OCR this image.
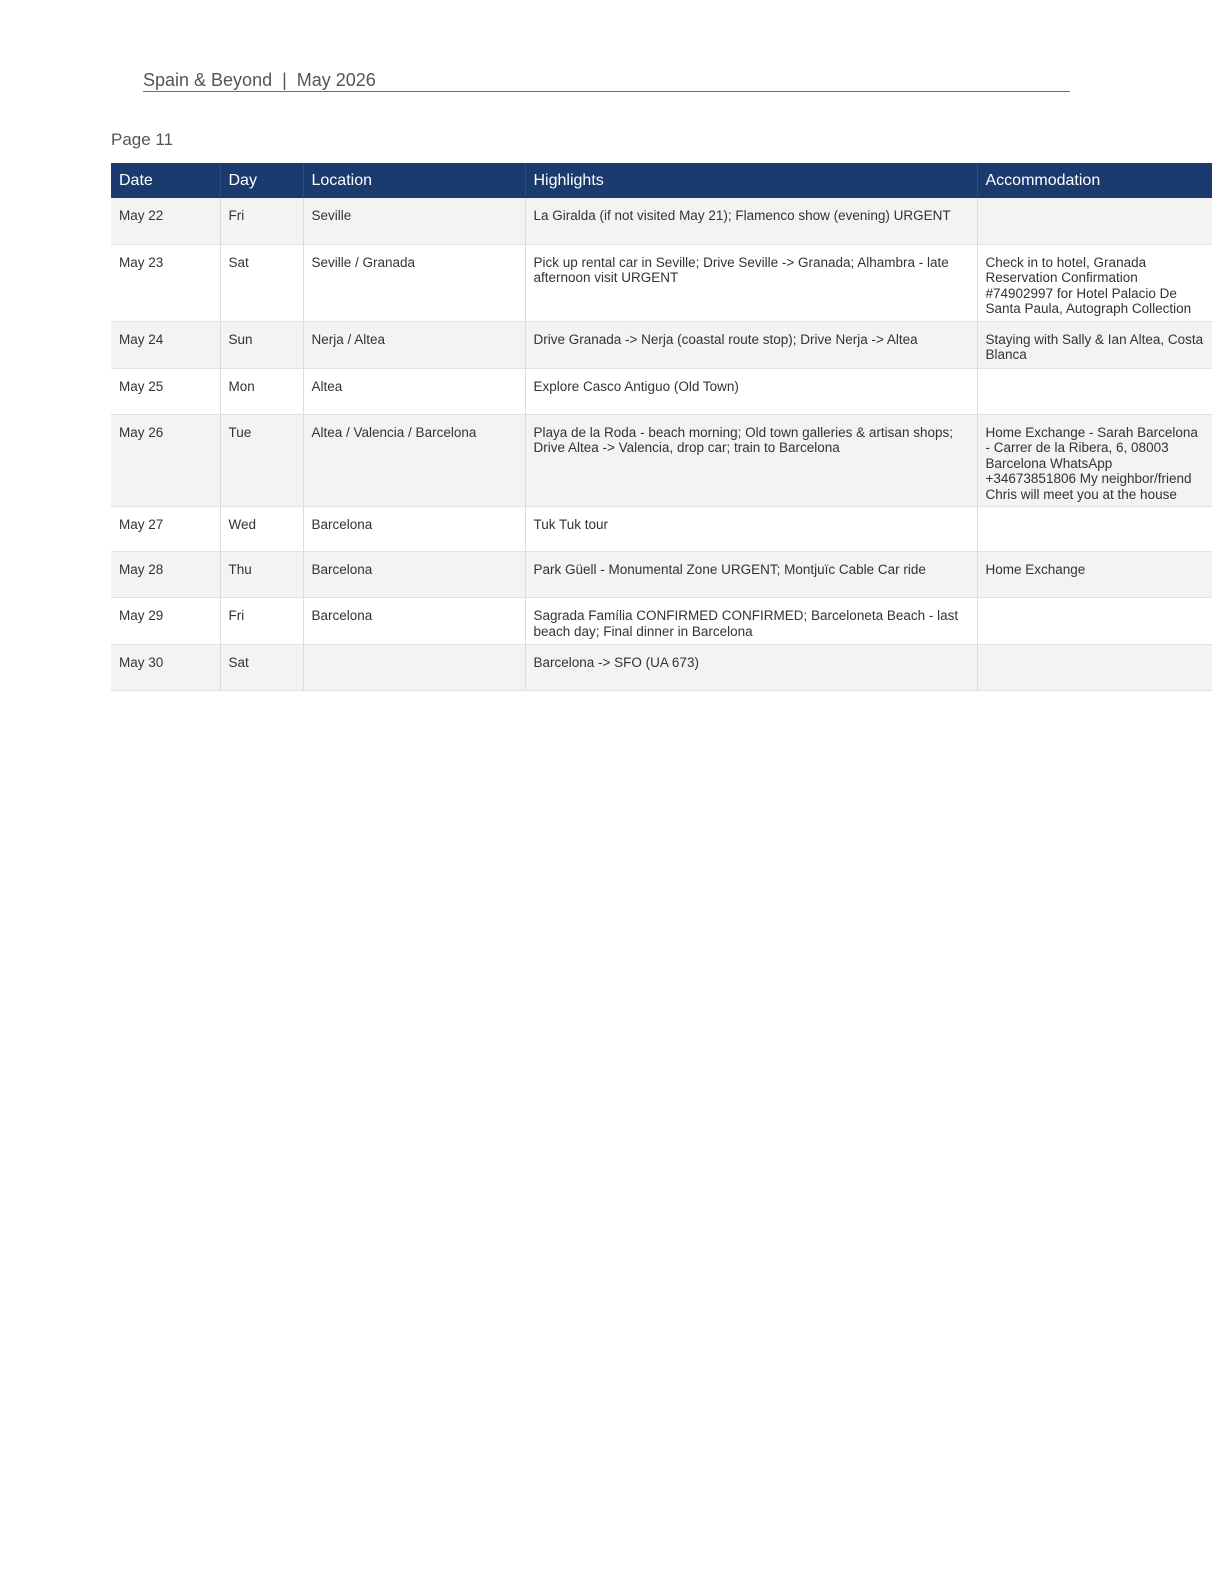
Spain & Beyond  |  May 2026
Page 11
Date	Day	Location	Highlights	Accommodation
May 22	Fri	Seville	La Giralda (if not visited May 21); Flamenco show (evening) URGENT	
May 23	Sat	Seville / Granada	Pick up rental car in Seville; Drive Seville -> Granada; Alhambra - late afternoon visit URGENT	Check in to hotel, Granada Reservation Confirmation #74902997 for Hotel Palacio De Santa Paula, Autograph Collection
May 24	Sun	Nerja / Altea	Drive Granada -> Nerja (coastal route stop); Drive Nerja -> Altea	Staying with Sally & Ian Altea, Costa Blanca
May 25	Mon	Altea	Explore Casco Antiguo (Old Town)	
May 26	Tue	Altea / Valencia / Barcelona	Playa de la Roda - beach morning; Old town galleries & artisan shops; Drive Altea -> Valencia, drop car; train to Barcelona	Home Exchange - Sarah Barcelona - Carrer de la Ribera, 6, 08003 Barcelona WhatsApp +34673851806 My neighbor/friend Chris will meet you at the house
May 27	Wed	Barcelona	Tuk Tuk tour	
May 28	Thu	Barcelona	Park Güell - Monumental Zone URGENT; Montjuïc Cable Car ride	Home Exchange
May 29	Fri	Barcelona	Sagrada Família CONFIRMED CONFIRMED; Barceloneta Beach - last beach day; Final dinner in Barcelona	
May 30	Sat		Barcelona -> SFO (UA 673)	
